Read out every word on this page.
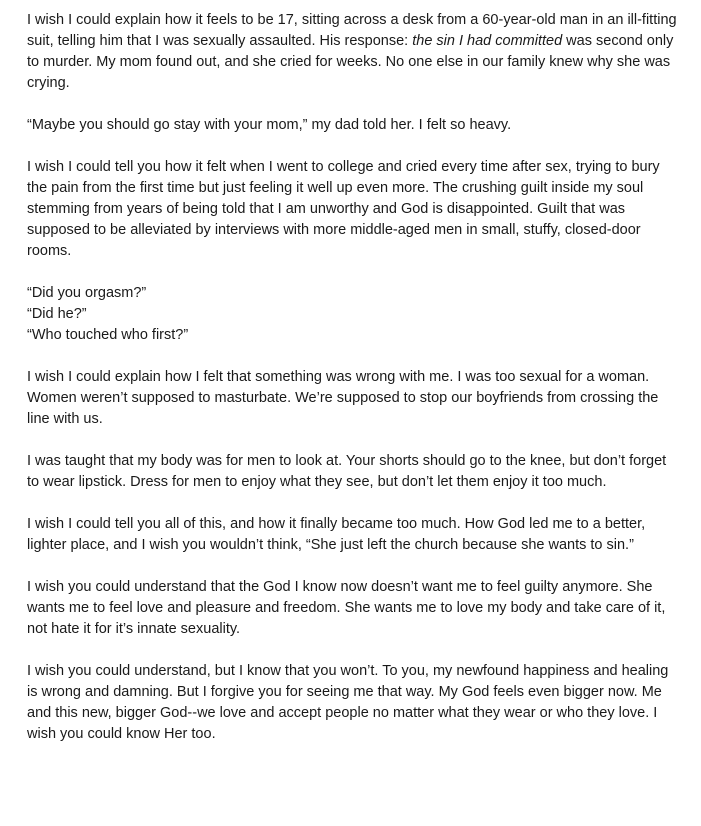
I wish I could explain how it feels to be 17, sitting across a desk from a 60-year-old man in an ill-fitting suit, telling him that I was sexually assaulted. His response: the sin I had committed was second only to murder. My mom found out, and she cried for weeks. No one else in our family knew why she was crying.

“Maybe you should go stay with your mom,” my dad told her. I felt so heavy.

I wish I could tell you how it felt when I went to college and cried every time after sex, trying to bury the pain from the first time but just feeling it well up even more. The crushing guilt inside my soul stemming from years of being told that I am unworthy and God is disappointed. Guilt that was supposed to be alleviated by interviews with more middle-aged men in small, stuffy, closed-door rooms.

“Did you orgasm?”
“Did he?”
“Who touched who first?”

I wish I could explain how I felt that something was wrong with me. I was too sexual for a woman. Women weren’t supposed to masturbate. We’re supposed to stop our boyfriends from crossing the line with us.

I was taught that my body was for men to look at. Your shorts should go to the knee, but don’t forget to wear lipstick. Dress for men to enjoy what they see, but don’t let them enjoy it too much.

I wish I could tell you all of this, and how it finally became too much. How God led me to a better, lighter place, and I wish you wouldn’t think, “She just left the church because she wants to sin.”

I wish you could understand that the God I know now doesn’t want me to feel guilty anymore. She wants me to feel love and pleasure and freedom. She wants me to love my body and take care of it, not hate it for it’s innate sexuality.

I wish you could understand, but I know that you won’t. To you, my newfound happiness and healing is wrong and damning. But I forgive you for seeing me that way. My God feels even bigger now. Me and this new, bigger God--we love and accept people no matter what they wear or who they love. I wish you could know Her too.
